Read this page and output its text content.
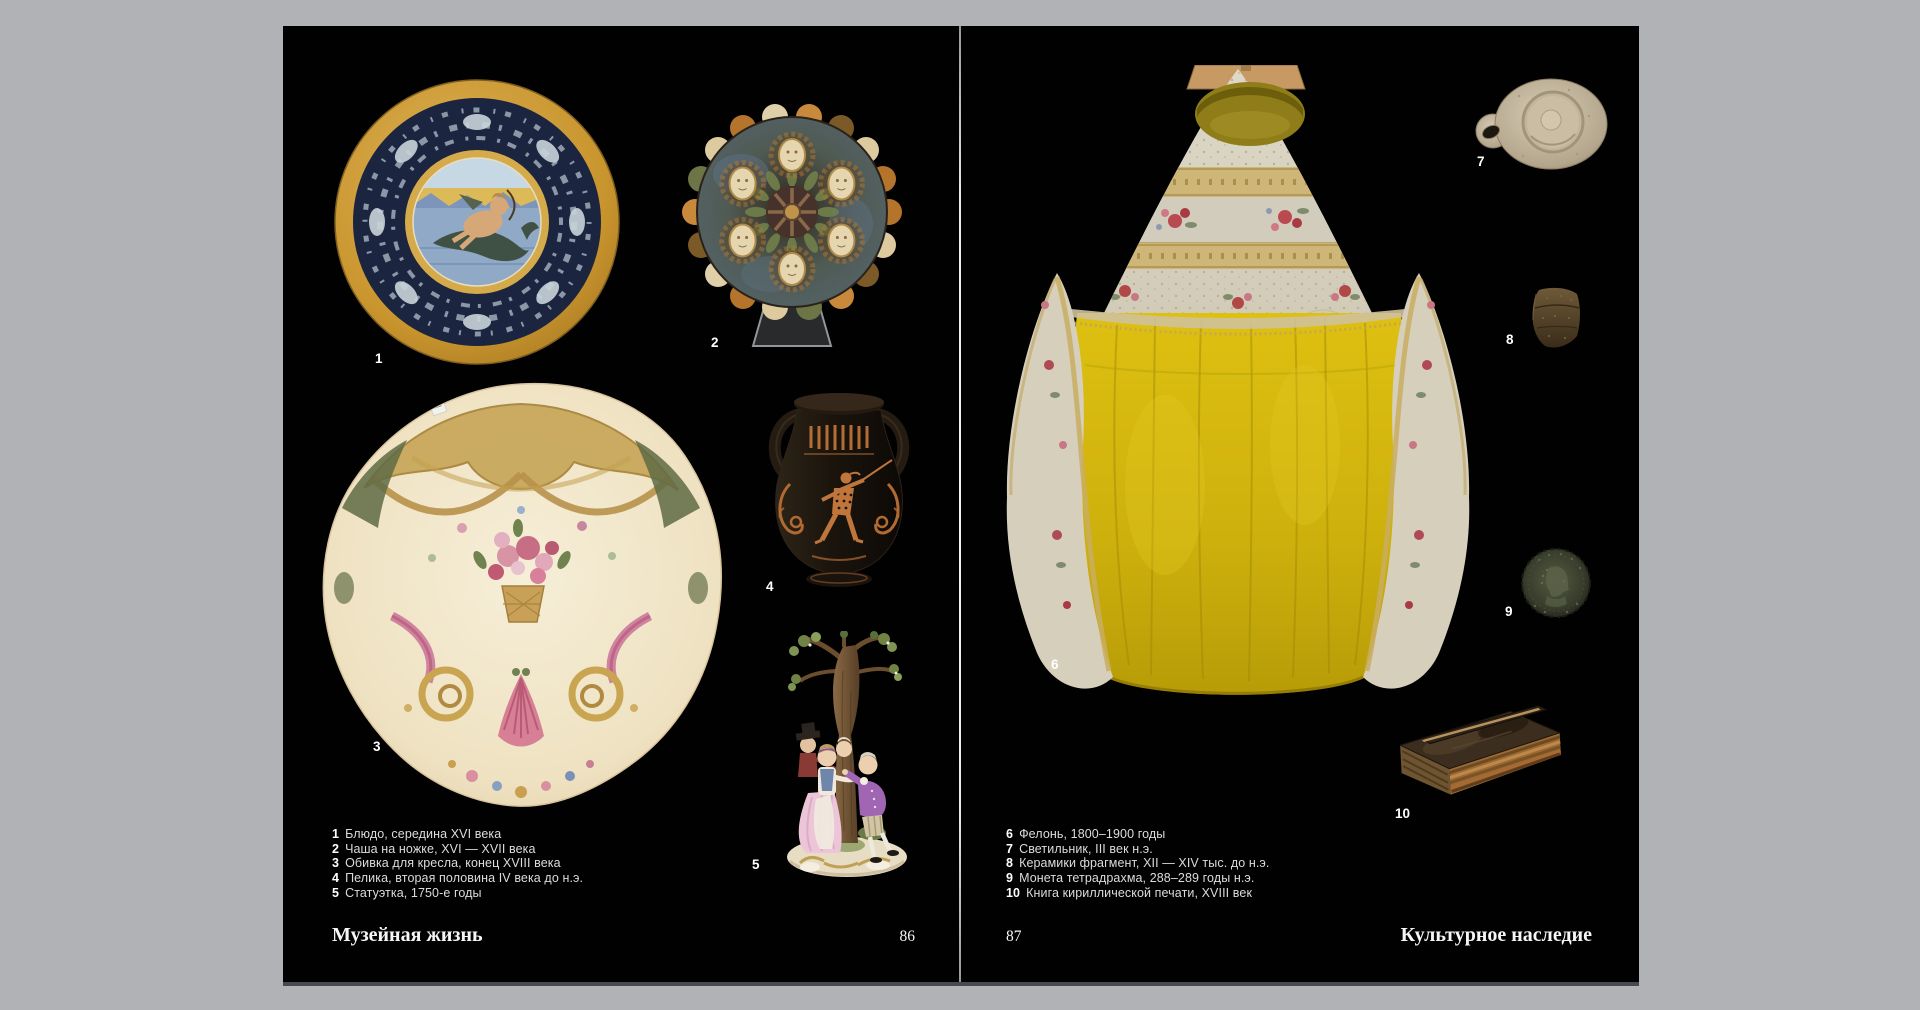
1
2
3
4
5
1 Блюдо, середина XVI века
2 Чаша на ножке, XVI — XVII века
3 Обивка для кресла, конец XVIII века
4 Пелика, вторая половина IV века до н.э.
5 Статуэтка, 1750-е годы
Музейная жизнь	86
6
7
8
9
10
6 Фелонь, 1800–1900 годы
7 Светильник, III век н.э.
8 Керамики фрагмент, XII — XIV тыс. до н.э.
9 Монета тетрадрахма, 288–289 годы н.э.
10 Книга кириллической печати, XVIII век
87	Культурное наследие
